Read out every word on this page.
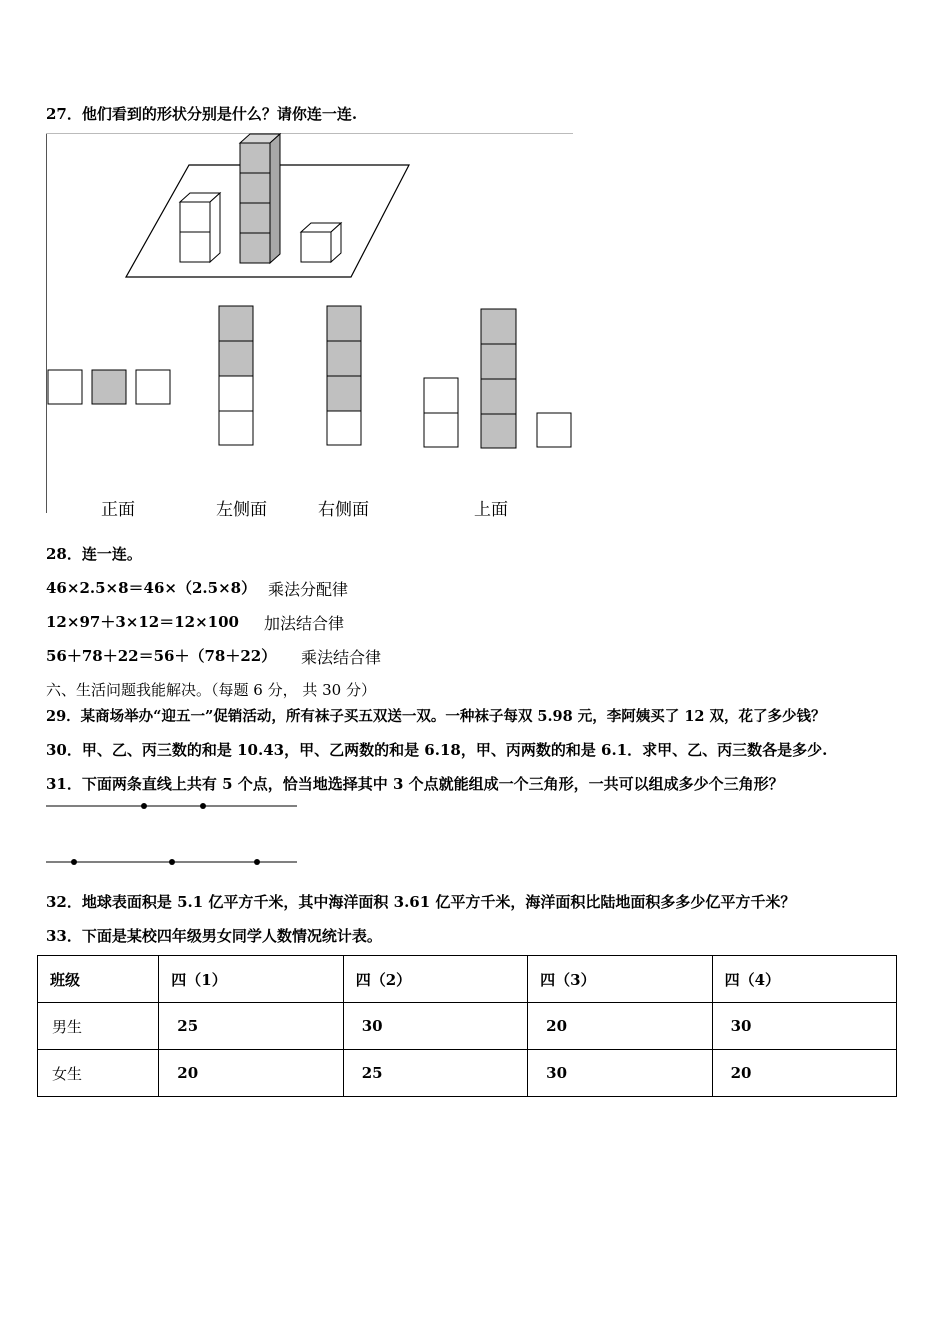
27．他们看到的形状分别是什么？请你连一连.
正面	左侧面	右侧面	上面
28．连一连。
46×2.5×8＝46×（2.5×8） 乘法分配律
12×97＋3×12＝12×100 加法结合律
56＋78＋22＝56＋（78＋22） 乘法结合律
六、生活问题我能解决。（每题 6 分， 共 30 分）
29．某商场举办“迎五一”促销活动，所有袜子买五双送一双。一种袜子每双 5.98 元，李阿姨买了 12 双，花了多少钱？
30．甲、乙、丙三数的和是 10.43，甲、乙两数的和是 6.18，甲、丙两数的和是 6.1．求甲、乙、丙三数各是多少.
31．下面两条直线上共有 5 个点，恰当地选择其中 3 个点就能组成一个三角形，一共可以组成多少个三角形？
32．地球表面积是 5.1 亿平方千米，其中海洋面积 3.61 亿平方千米，海洋面积比陆地面积多多少亿平方千米？
33．下面是某校四年级男女同学人数情况统计表。
班级	四（1）	四（2）	四（3）	四（4）
男生	25	30	20	30
女生	20	25	30	20
